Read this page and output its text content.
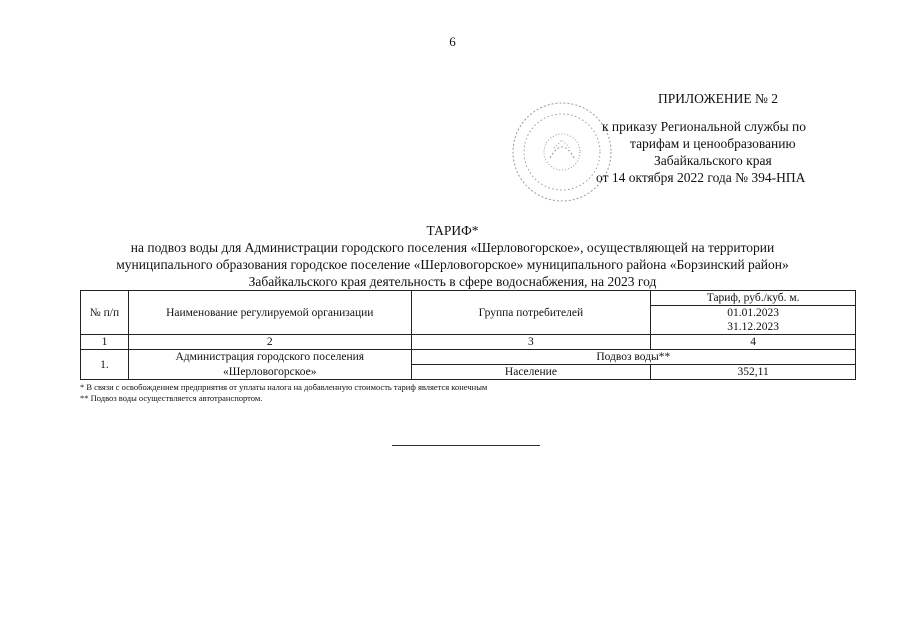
6
ПРИЛОЖЕНИЕ № 2
к приказу Региональной службы по
тарифам и ценообразованию
Забайкальского края
от 14 октября 2022 года № 394-НПА
ТАРИФ*
на подвоз воды для Администрации городского поселения «Шерловогорское», осуществляющей на территории
муниципального образования городское поселение «Шерловогорское» муниципального района «Борзинский район»
Забайкальского края деятельность в сфере водоснабжения, на 2023 год
№ п/п	Наименование регулируемой организации	Группа потребителей	Тариф, руб./куб. м.
			01.01.2023
			31.12.2023
1	2	3	4
1.	Администрация городского поселения	Подвоз воды**	
	«Шерловогорское»	Население	352,11
* В связи с освобождением предприятия от уплаты налога на добавленную стоимость тариф является конечным
** Подвоз воды осуществляется автотранспортом.
